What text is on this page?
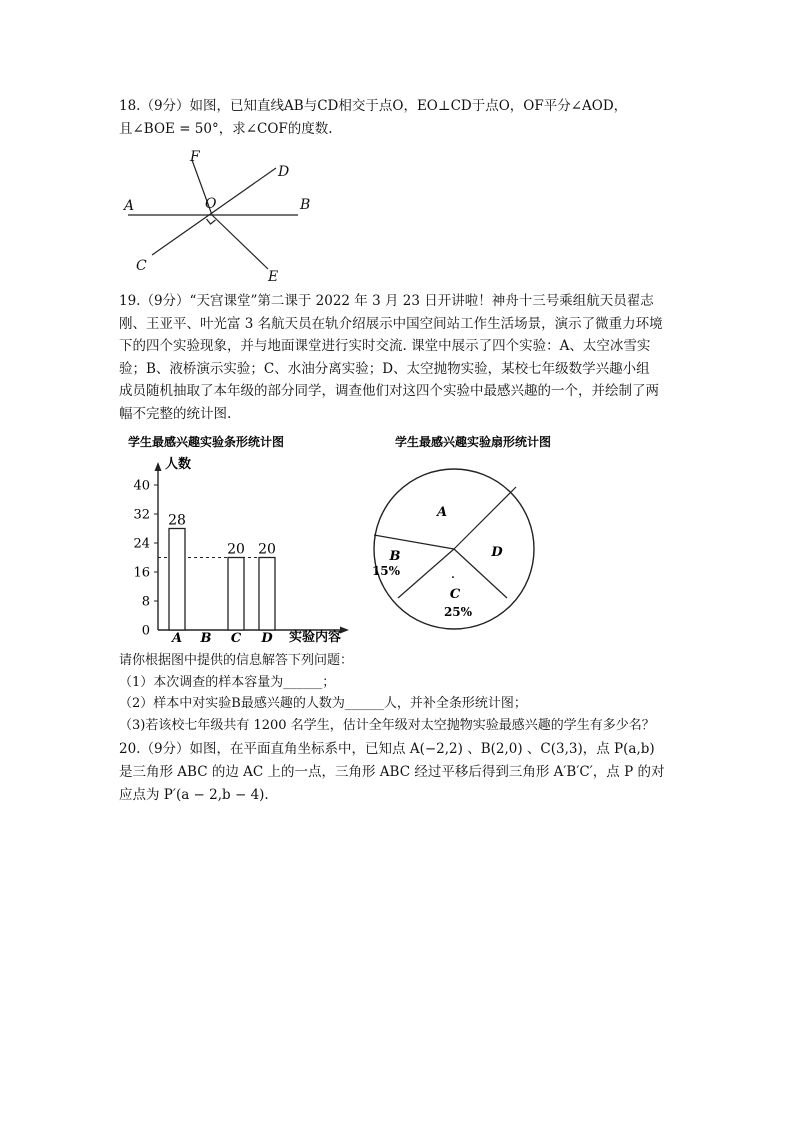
18.（9分）如图，已知直线AB与CD相交于点O，EO⊥CD于点O，OF平分∠AOD，
且∠BOE = 50°，求∠COF的度数.
A	B
C
D
E
F
O
19.（9分）“天宫课堂”第二课于 2022 年 3 月 23 日开讲啦！神舟十三号乘组航天员翟志
刚、王亚平、叶光富 3 名航天员在轨介绍展示中国空间站工作生活场景，演示了微重力环境
下的四个实验现象，并与地面课堂进行实时交流. 课堂中展示了四个实验：A、太空冰雪实
验；B、液桥演示实验；C、水油分离实验；D、太空抛物实验，某校七年级数学兴趣小组
成员随机抽取了本年级的部分同学，调查他们对这四个实验中最感兴趣的一个，并绘制了两
幅不完整的统计图.
学生最感兴趣实验条形统计图
人数
实验内容
0
8
16
24
32
40
28
A B
20
C
20
D
学生最感兴趣实验扇形统计图
A
D
C
25%
B
15%	.
请你根据图中提供的信息解答下列问题：
（1）本次调查的样本容量为______；
（2）样本中对实验B最感兴趣的人数为______人，并补全条形统计图；
（3)若该校七年级共有 1200 名学生，估计全年级对太空抛物实验最感兴趣的学生有多少名？
20.（9分）如图，在平面直角坐标系中，已知点 A(−2,2) 、B(2,0) 、C(3,3)，点 P(a,b)
是三角形 ABC 的边 AC 上的一点，三角形 ABC 经过平移后得到三角形 A′B′C′，点 P 的对
应点为 P′(a − 2,b − 4).
